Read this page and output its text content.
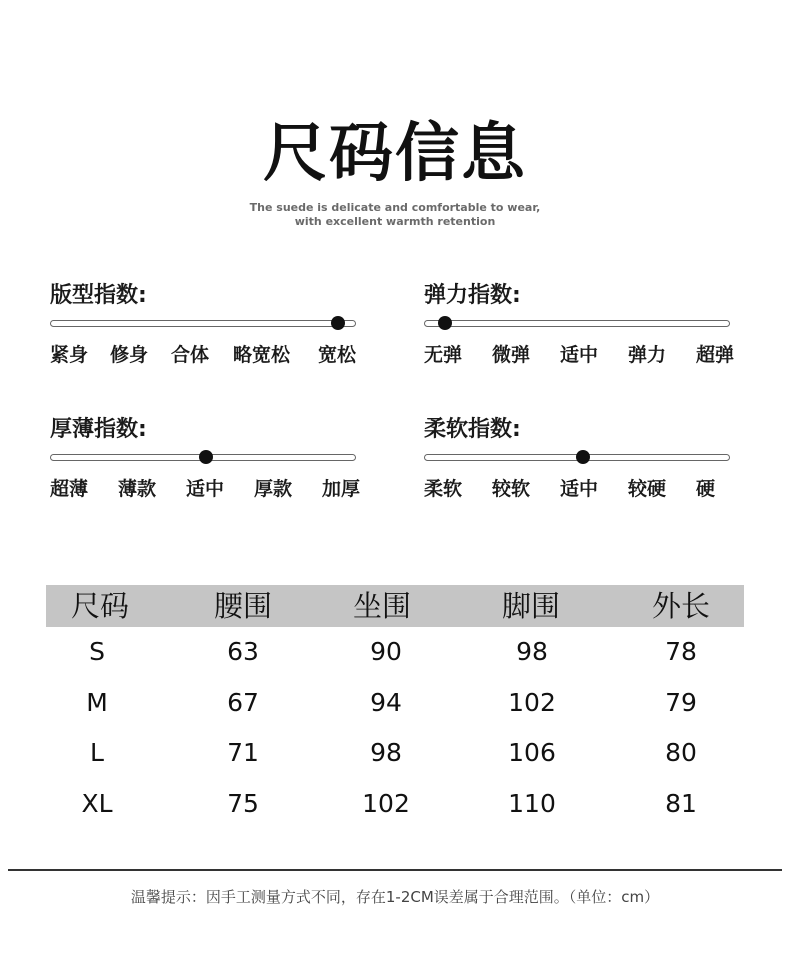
尺码信息
The suede is delicate and comfortable to wear,
with excellent warmth retention
版型指数:
紧身 修身 合体 略宽松 宽松
弹力指数:
无弹 微弹 适中 弹力 超弹
厚薄指数:
超薄 薄款 适中 厚款 加厚
柔软指数:
柔软 较软 适中 较硬 硬
尺码	腰围	坐围	脚围	外长
S	63	90	98	78
M	67	94	102	79
L	71	98	106	80
XL	75	102	110	81
温馨提示：因手工测量方式不同，存在1-2CM误差属于合理范围。（单位：cm）
